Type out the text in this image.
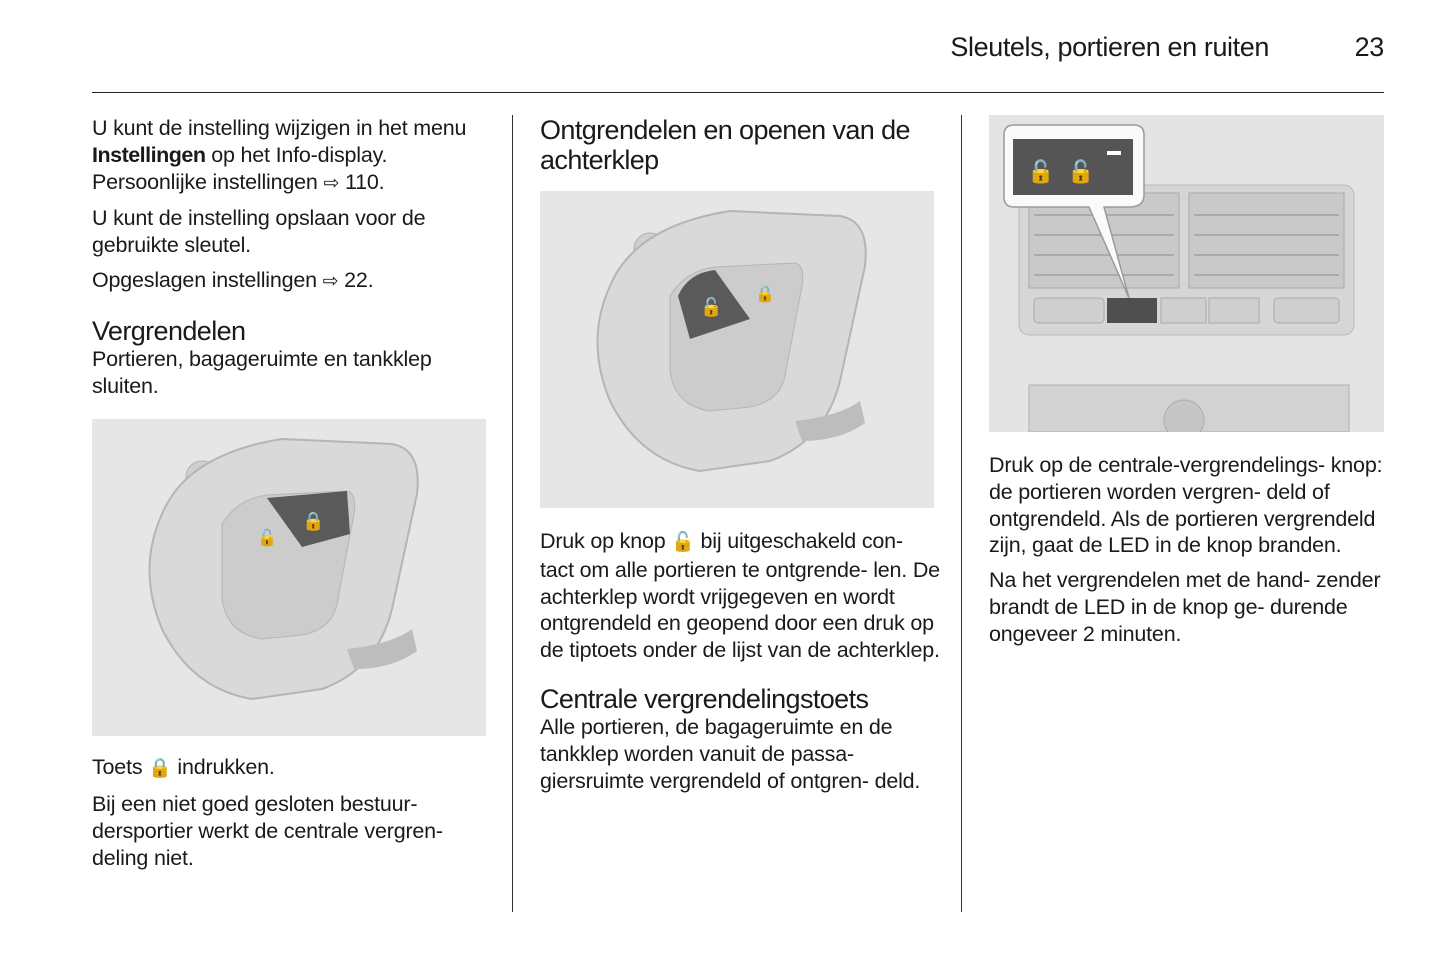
Sleutels, portieren en ruiten	23

U kunt de instelling wijzigen in het menu Instellingen op het Info-display. Persoonlijke instellingen ⇨ 110.

U kunt de instelling opslaan voor de gebruikte sleutel.

Opgeslagen instellingen ⇨ 22.

Vergrendelen

Portieren, bagageruimte en tankklep sluiten.

🔒
🔓

Toets 🔒 indrukken.

Bij een niet goed gesloten bestuur- dersportier werkt de centrale vergren- deling niet.

Ontgrendelen en openen van de achterklep
🔓
🔒

Druk op knop 🔓 bij uitgeschakeld con- tact om alle portieren te ontgrende- len. De achterklep wordt vrijgegeven en wordt ontgrendeld en geopend door een druk op de tiptoets onder de lijst van de achterklep.

Centrale vergrendelingstoets

Alle portieren, de bagageruimte en de tankklep worden vanuit de passa- giersruimte vergrendeld of ontgren- deld.

🔓 🔓

Druk op de centrale-vergrendelings- knop: de portieren worden vergren- deld of ontgrendeld. Als de portieren vergrendeld zijn, gaat de LED in de knop branden.

Na het vergrendelen met de hand- zender brandt de LED in de knop ge- durende ongeveer 2 minuten.
